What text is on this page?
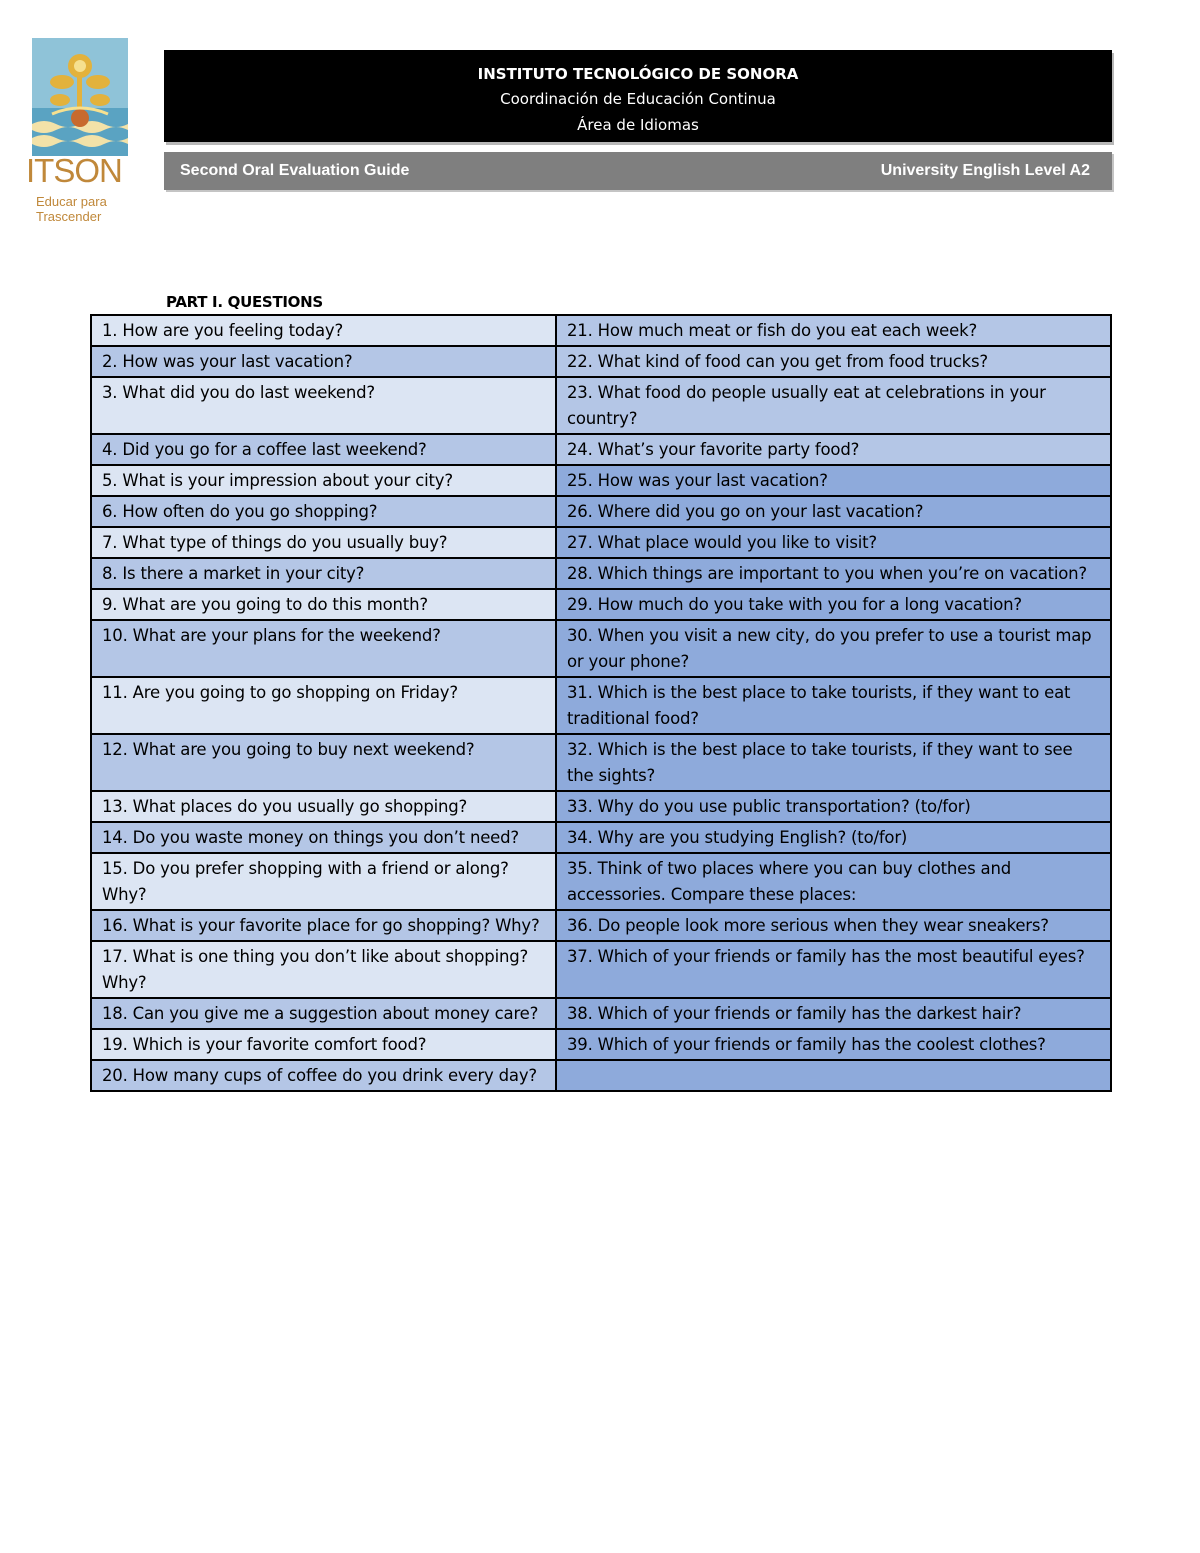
ITSON
Educar para
Trascender
INSTITUTO TECNOLÓGICO DE SONORA
Coordinación de Educación Continua
Área de Idiomas
Second Oral Evaluation Guide	University English Level A2
PART I. QUESTIONS
1. How are you feeling today?	21. How much meat or fish do you eat each week?
2. How was your last vacation?	22. What kind of food can you get from food trucks?
3. What did you do last weekend?	23. What food do people usually eat at celebrations in your country?
4. Did you go for a coffee last weekend?	24. What’s your favorite party food?
5. What is your impression about your city?	25. How was your last vacation?
6. How often do you go shopping?	26. Where did you go on your last vacation?
7. What type of things do you usually buy?	27. What place would you like to visit?
8. Is there a market in your city?	28. Which things are important to you when you’re on vacation?
9. What are you going to do this month?	29. How much do you take with you for a long vacation?
10. What are your plans for the weekend?	30. When you visit a new city, do you prefer to use a tourist map or your phone?
11. Are you going to go shopping on Friday?	31. Which is the best place to take tourists, if they want to eat traditional food?
12. What are you going to buy next weekend?	32. Which is the best place to take tourists, if they want to see the sights?
13. What places do you usually go shopping?	33. Why do you use public transportation? (to/for)
14. Do you waste money on things you don’t need?	34. Why are you studying English? (to/for)
15. Do you prefer shopping with a friend or along? Why?	35. Think of two places where you can buy clothes and accessories. Compare these places:
16. What is your favorite place for go shopping? Why?	36. Do people look more serious when they wear sneakers?
17. What is one thing you don’t like about shopping? Why?	37. Which of your friends or family has the most beautiful eyes?
18. Can you give me a suggestion about money care?	38. Which of your friends or family has the darkest hair?
19. Which is your favorite comfort food?	39. Which of your friends or family has the coolest clothes?
20. How many cups of coffee do you drink every day?	
